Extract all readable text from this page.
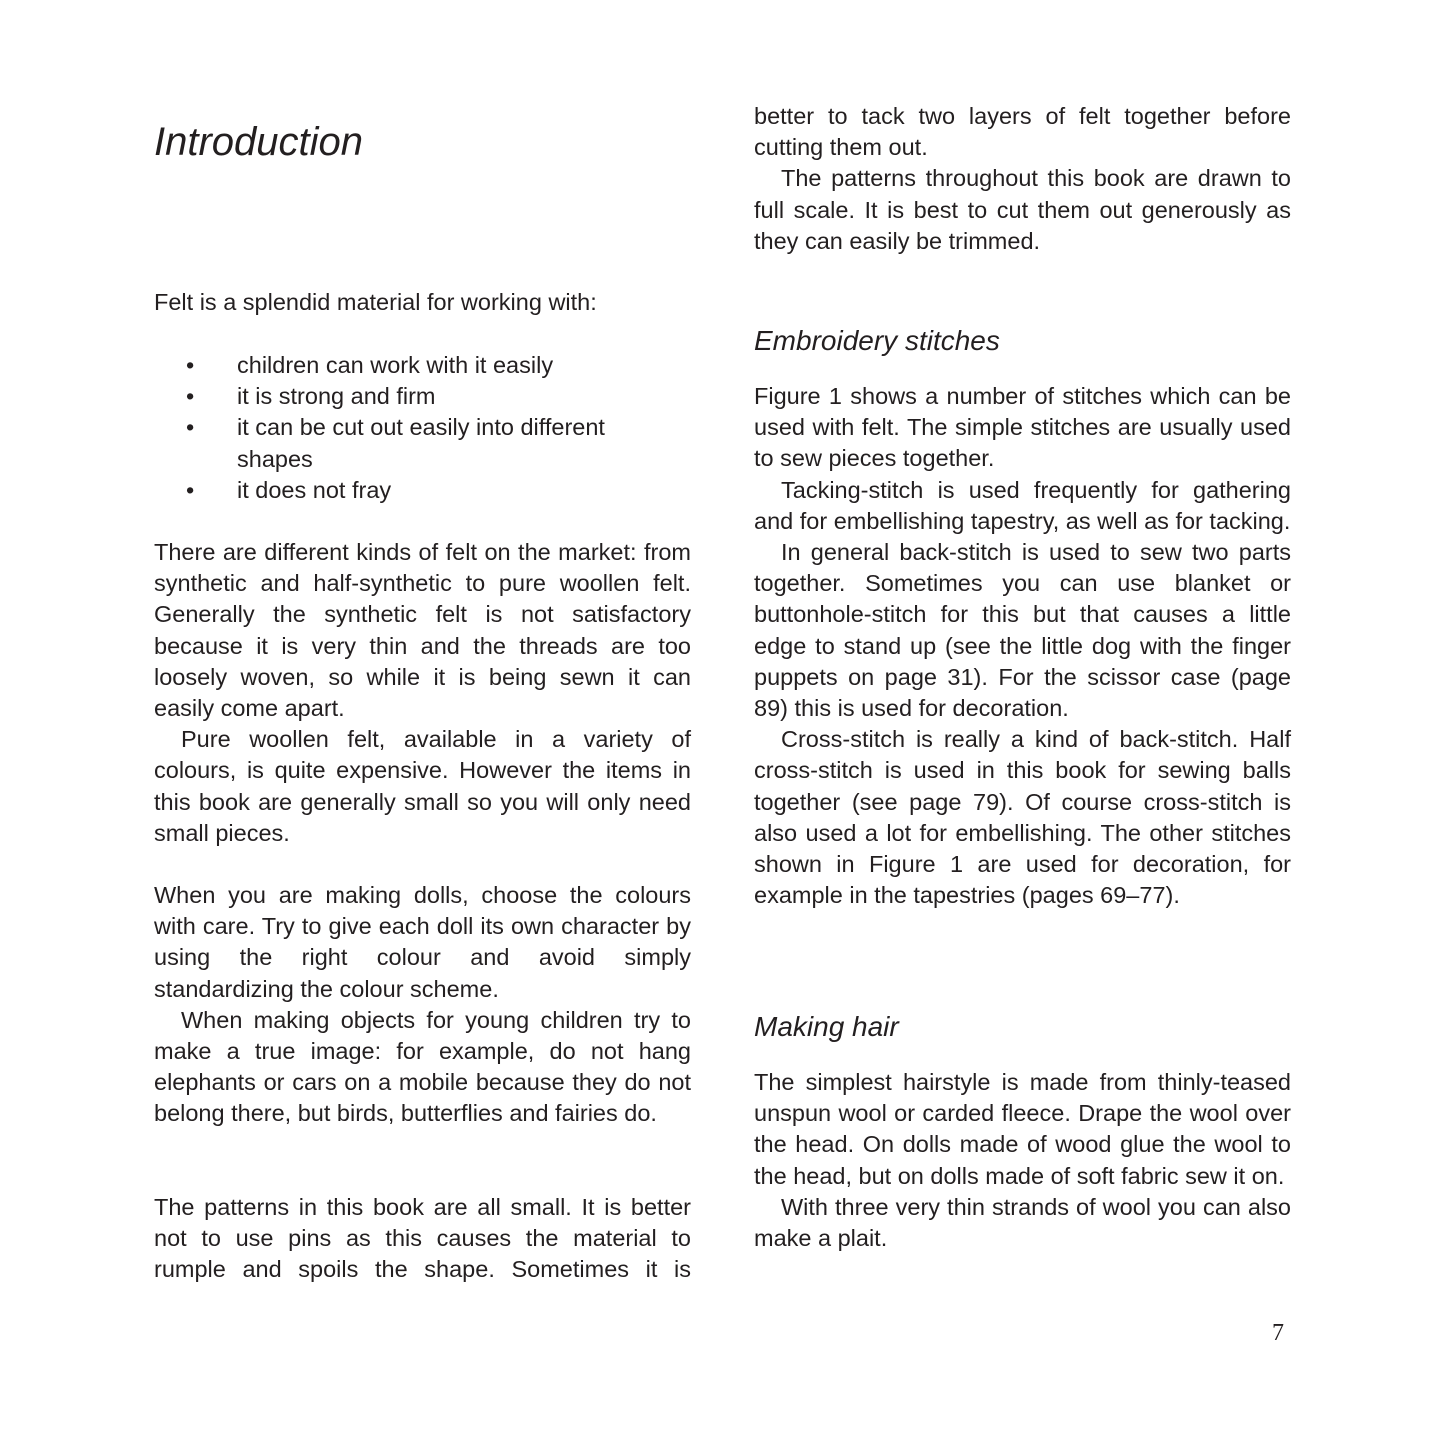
Introduction

Felt is a splendid material for working with:

• children can work with it easily
• it is strong and firm
• it can be cut out easily into different shapes
• it does not fray

There are different kinds of felt on the market: from synthetic and half-synthetic to pure woollen felt. Generally the synthetic felt is not satisfactory because it is very thin and the threads are too loosely woven, so while it is being sewn it can easily come apart.

Pure woollen felt, available in a variety of colours, is quite expensive. However the items in this book are generally small so you will only need small pieces.

When you are making dolls, choose the colours with care. Try to give each doll its own character by using the right colour and avoid simply standardizing the colour scheme.

When making objects for young children try to make a true image: for example, do not hang elephants or cars on a mobile because they do not belong there, but birds, butterflies and fairies do.

The patterns in this book are all small. It is better not to use pins as this causes the material to rumple and spoils the shape. Sometimes it is

better to tack two layers of felt together before cutting them out.

The patterns throughout this book are drawn to full scale. It is best to cut them out generously as they can easily be trimmed.

Embroidery stitches

Figure 1 shows a number of stitches which can be used with felt. The simple stitches are usually used to sew pieces together.

Tacking-stitch is used frequently for gathering and for embellishing tapestry, as well as for tacking.

In general back-stitch is used to sew two parts together. Sometimes you can use blanket or buttonhole-stitch for this but that causes a little edge to stand up (see the little dog with the finger puppets on page 31). For the scissor case (page 89) this is used for decoration.

Cross-stitch is really a kind of back-stitch. Half cross-stitch is used in this book for sewing balls together (see page 79). Of course cross-stitch is also used a lot for embellishing. The other stitches shown in Figure 1 are used for decoration, for example in the tapestries (pages 69–77).

Making hair

The simplest hairstyle is made from thinly-teased unspun wool or carded fleece. Drape the wool over the head. On dolls made of wood glue the wool to the head, but on dolls made of soft fabric sew it on.

With three very thin strands of wool you can also make a plait.

7
